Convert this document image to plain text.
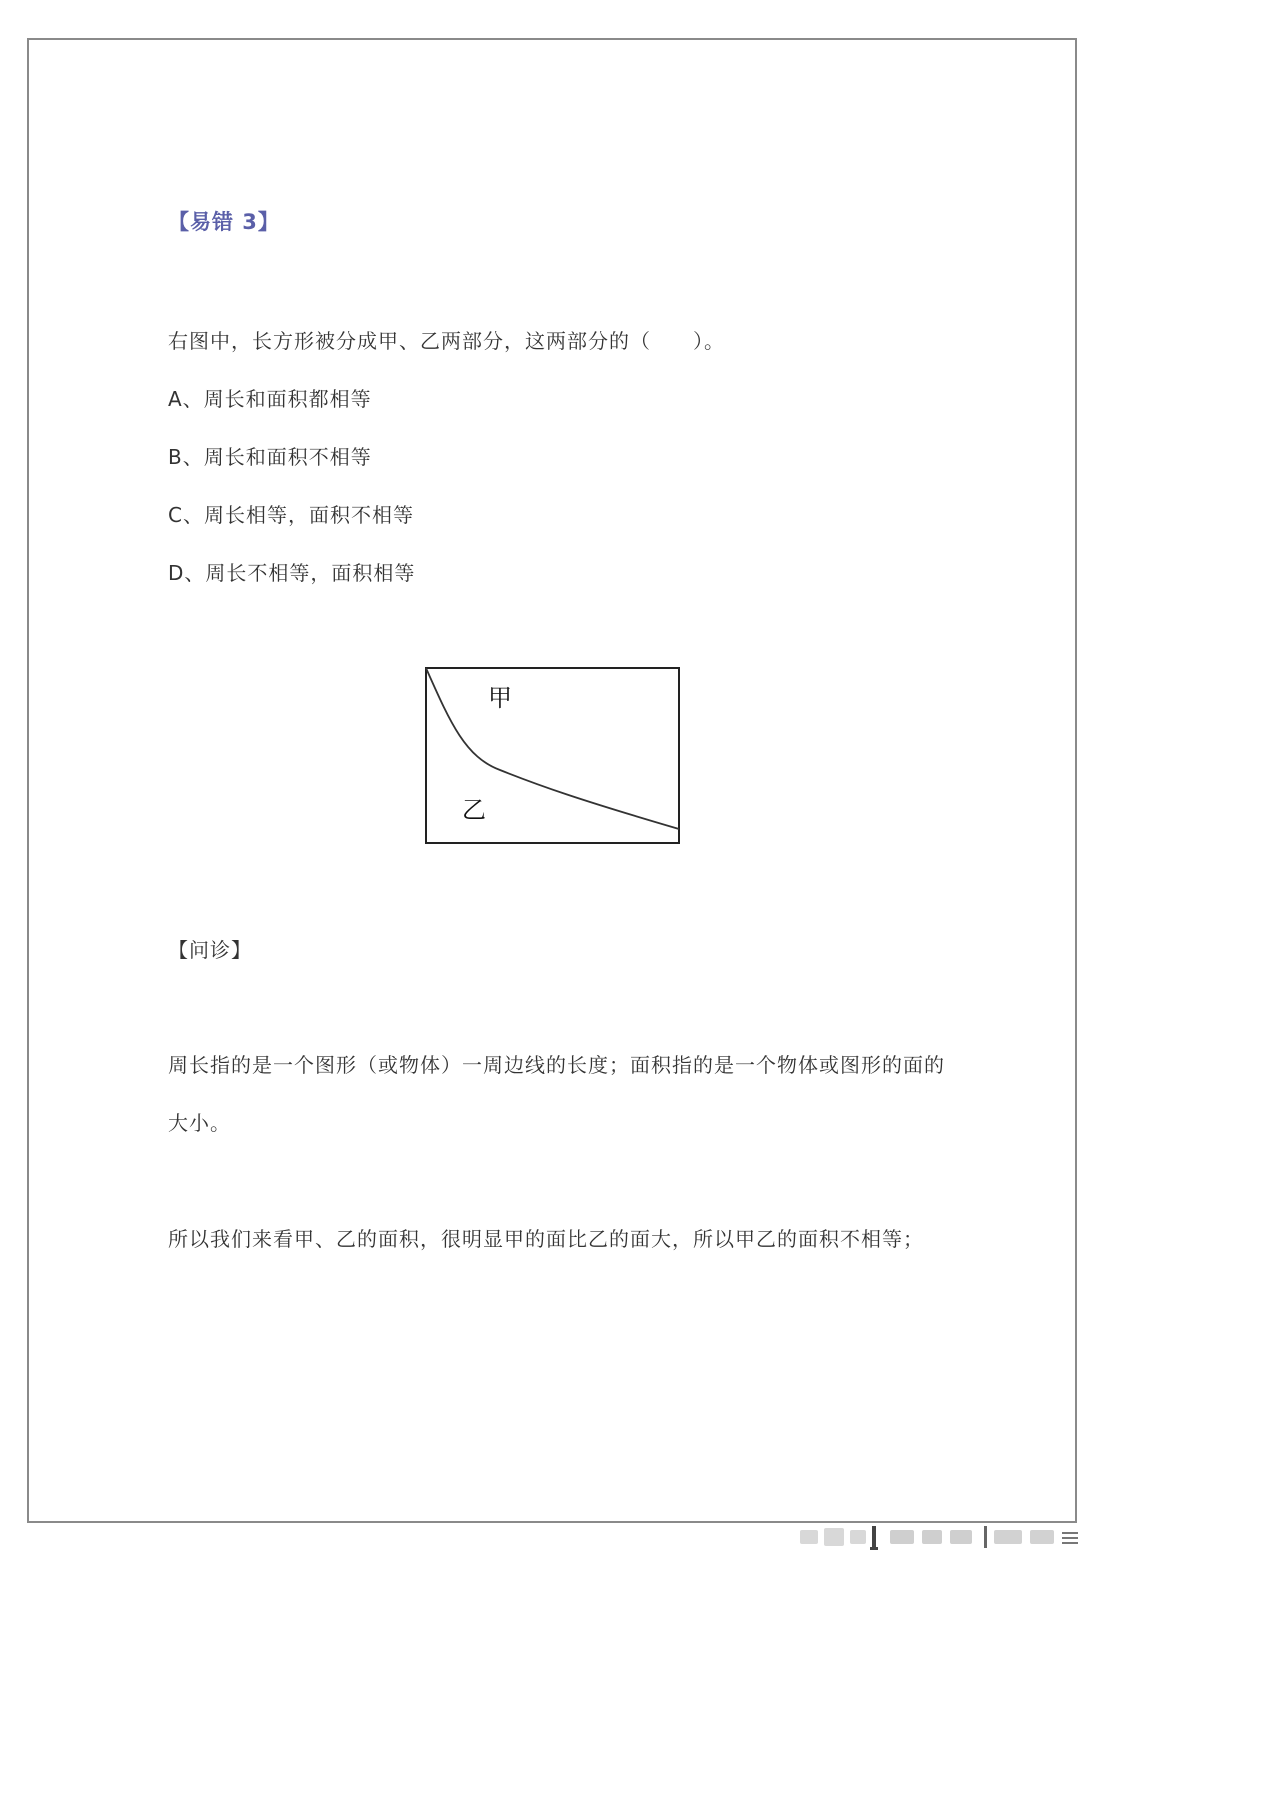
【易错 3】
右图中，长方形被分成甲、乙两部分，这两部分的（　　）。
A、周长和面积都相等
B、周长和面积不相等
C、周长相等，面积不相等
D、周长不相等，面积相等
甲
乙
【问诊】
周长指的是一个图形（或物体）一周边线的长度；面积指的是一个物体或图形的面的大小。
所以我们来看甲、乙的面积，很明显甲的面比乙的面大，所以甲乙的面积不相等；
